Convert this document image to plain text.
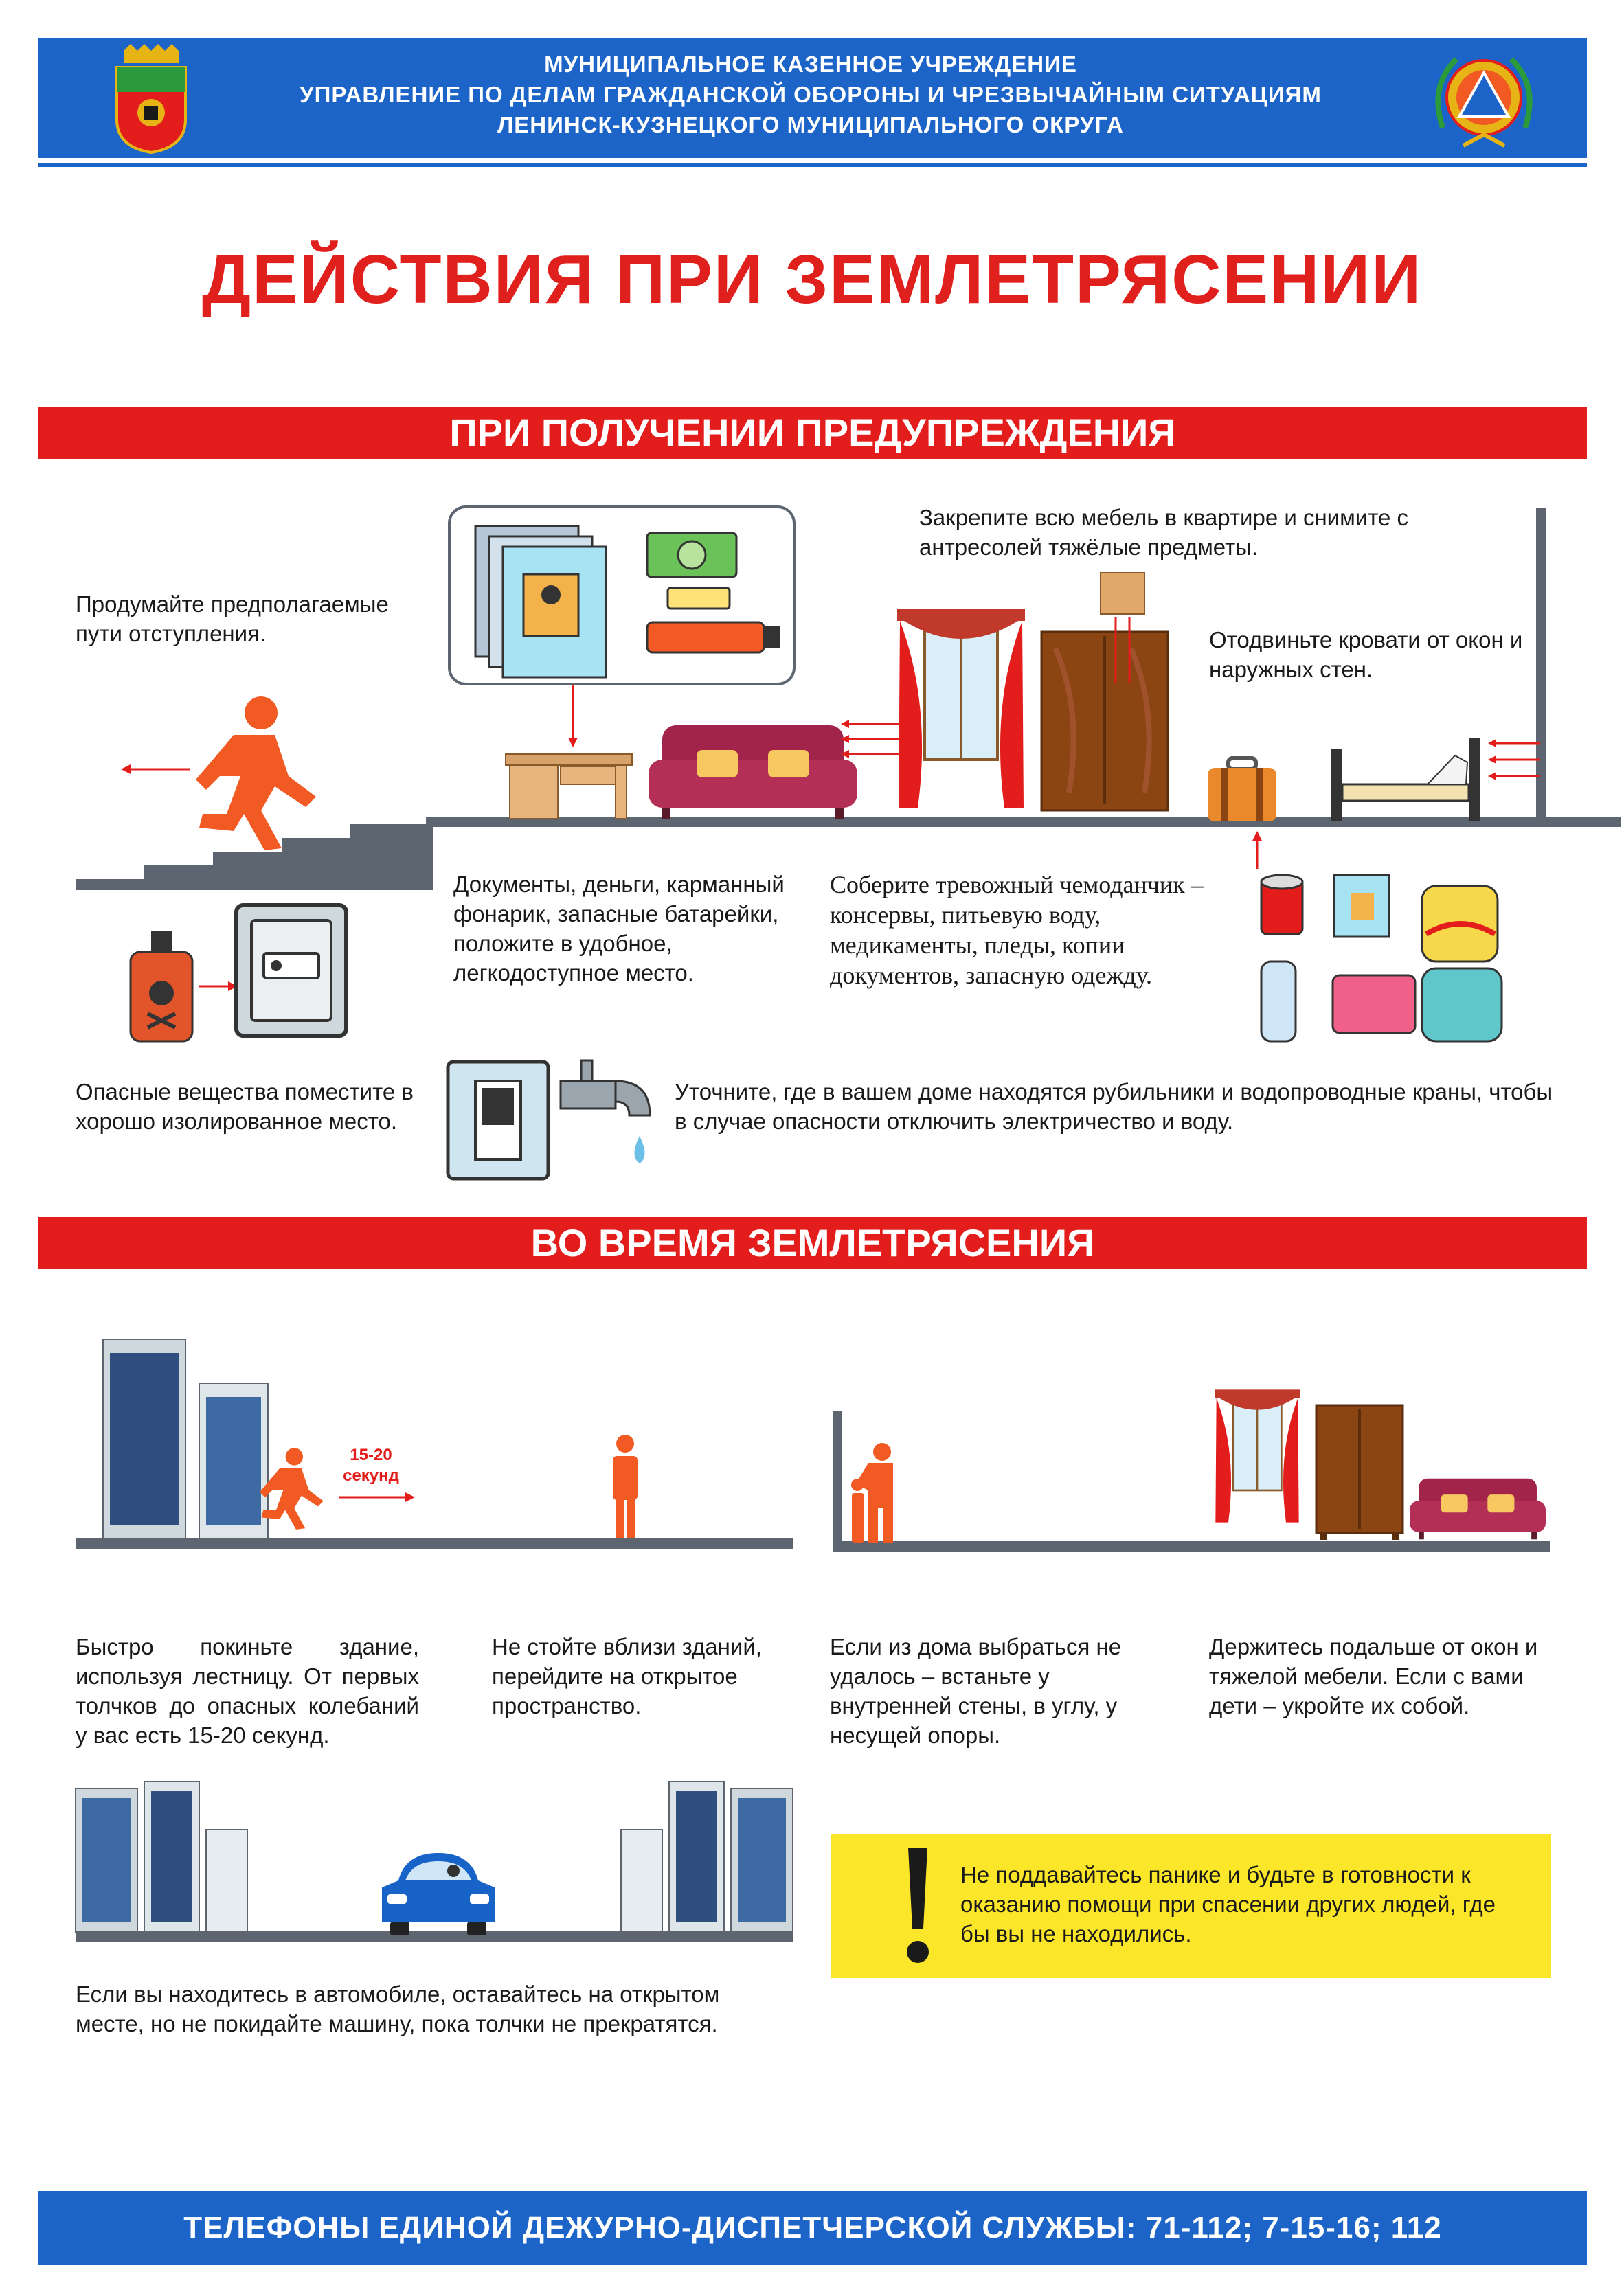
МУНИЦИПАЛЬНОЕ КАЗЕННОЕ УЧРЕЖДЕНИЕ
УПРАВЛЕНИЕ ПО ДЕЛАМ ГРАЖДАНСКОЙ ОБОРОНЫ И ЧРЕЗВЫЧАЙНЫМ СИТУАЦИЯМ
ЛЕНИНСК-КУЗНЕЦКОГО МУНИЦИПАЛЬНОГО ОКРУГА
ДЕЙСТВИЯ ПРИ ЗЕМЛЕТРЯСЕНИИ
ПРИ ПОЛУЧЕНИИ ПРЕДУПРЕЖДЕНИЯ
Продумайте предполагаемые пути отступления.
Закрепите всю мебель в квартире и снимите с антресолей тяжёлые предметы.
Отодвиньте кровати от окон и наружных стен.
Документы, деньги, карманный фонарик, запасные батарейки, положите в удобное, легкодоступное место.
Соберите тревожный чемоданчик – консервы, питьевую воду, медикаменты, пледы, копии документов, запасную одежду.
Опасные вещества поместите в хорошо изолированное место.
Уточните, где в вашем доме находятся рубильники и водопроводные краны, чтобы в случае опасности отключить электричество и воду.
ВО ВРЕМЯ ЗЕМЛЕТРЯСЕНИЯ
15-20 секунд
Быстро покиньте здание, используя лестницу. От первых толчков до опасных колебаний у вас есть 15-20 секунд.
Не стойте вблизи зданий, перейдите на открытое пространство.
Если из дома выбраться не удалось – встаньте у внутренней стены, в углу, у несущей опоры.
Держитесь подальше от окон и тяжелой мебели. Если с вами дети – укройте их собой.
Если вы находитесь в автомобиле, оставайтесь на открытом месте, но не покидайте машину, пока толчки не прекратятся.
Не поддавайтесь панике и будьте в готовности к оказанию помощи при спасении других людей, где бы вы не находились.
ТЕЛЕФОНЫ ЕДИНОЙ ДЕЖУРНО-ДИСПЕТЧЕРСКОЙ СЛУЖБЫ: 71-112; 7-15-16; 112
